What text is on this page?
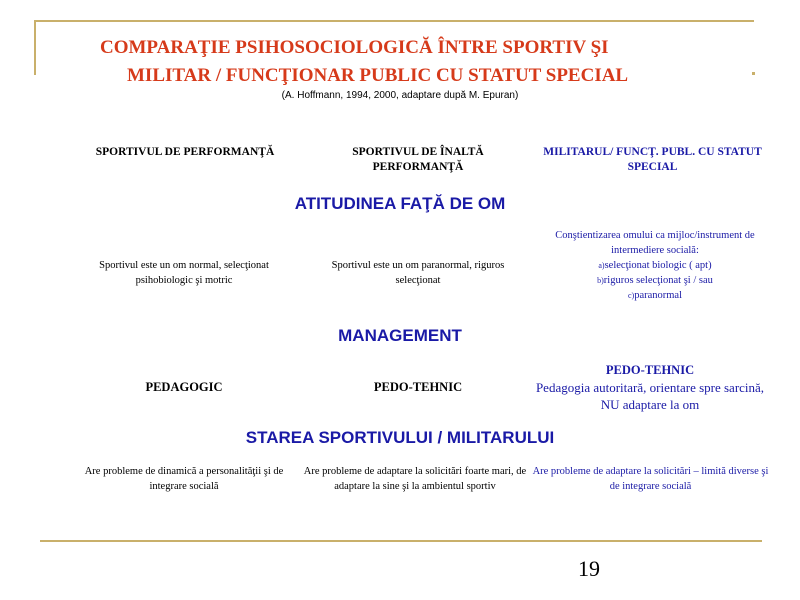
COMPARAŢIE PSIHOSOCIOLOGICĂ ÎNTRE SPORTIV ŞI
MILITAR / FUNCŢIONAR PUBLIC CU STATUT SPECIAL
(A. Hoffmann, 1994, 2000, adaptare după M. Epuran)
SPORTIVUL DE PERFORMANŢĂ	SPORTIVUL DE ÎNALTĂ PERFORMANŢĂ
MILITARUL/ FUNCŢ. PUBL. CU STATUT SPECIAL
ATITUDINEA FAŢĂ DE OM
Sportivul este un om normal, selecţionat psihobiologic şi motric
Sportivul este un om paranormal, riguros selecţionat
Conştientizarea omului ca mijloc/instrument de intermediere socială:
a)selecţionat biologic ( apt)
b)riguros selecţionat şi / sau
c)paranormal
MANAGEMENT
PEDAGOGIC	PEDO-TEHNIC
PEDO-TEHNIC
Pedagogia autoritară, orientare spre sarcină, NU adaptare la om
STAREA SPORTIVULUI / MILITARULUI
Are probleme de dinamică a personalităţii şi de integrare socială
Are probleme de adaptare la solicitări foarte mari, de adaptare la sine şi la ambientul sportiv
Are probleme de adaptare la solicitări – limită diverse şi de integrare socială
19
